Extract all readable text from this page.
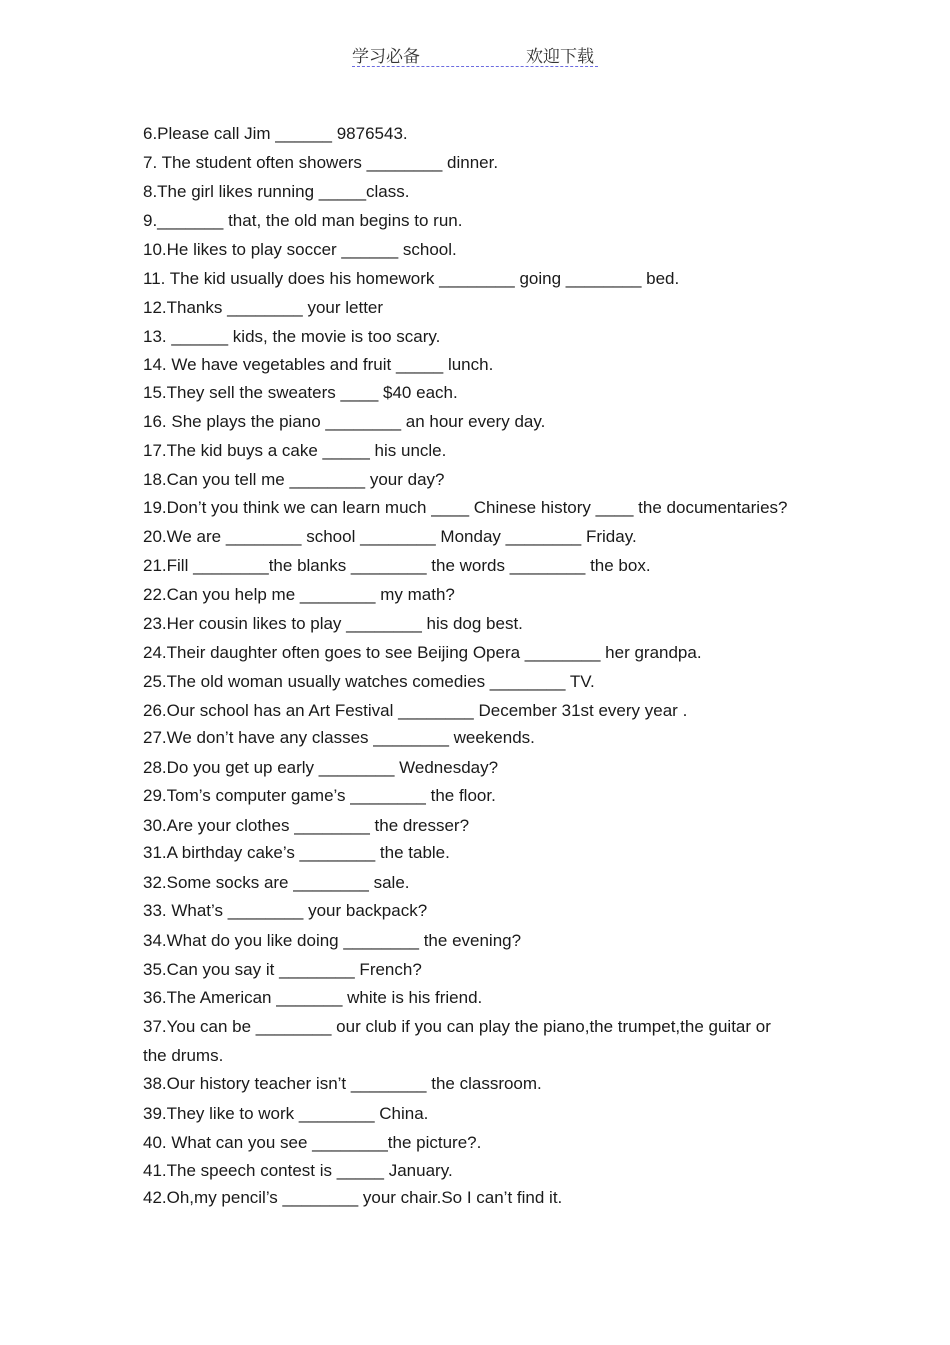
学习必备	欢迎下载
6.Please call Jim ______ 9876543.
7. The student often showers ________ dinner.
8.The girl likes running _____class.
9._______ that, the old man begins to run.
10.He likes to play soccer ______ school.
11. The kid usually does his homework ________ going ________ bed.
12.Thanks ________ your letter
13. ______ kids, the movie is too scary.
14. We have vegetables and fruit _____ lunch.
15.They sell the sweaters ____ $40 each.
16. She plays the piano ________ an hour every day.
17.The kid buys a cake _____ his uncle.
18.Can you tell me ________ your day?
19.Don’t you think we can learn much ____ Chinese history ____ the documentaries?
20.We are ________ school ________ Monday ________ Friday.
21.Fill ________the blanks ________ the words ________ the box.
22.Can you help me ________ my math?
23.Her cousin likes to play ________ his dog best.
24.Their daughter often goes to see Beijing Opera ________ her grandpa.
25.The old woman usually watches comedies ________ TV.
26.Our school has an Art Festival ________ December 31st every year .
27.We don’t have any classes ________ weekends.
28.Do you get up early ________ Wednesday?
29.Tom’s computer game’s ________ the floor.
30.Are your clothes ________ the dresser?
31.A birthday cake’s ________ the table.
32.Some socks are ________ sale.
33. What’s ________ your backpack?
34.What do you like doing ________ the evening?
35.Can you say it ________ French?
36.The American _______ white is his friend.
37.You can be ________ our club if you can play the piano,the trumpet,the guitar or
the drums.
38.Our history teacher isn’t ________ the classroom.
39.They like to work ________ China.
40. What can you see ________the picture?.
41.The speech contest is _____ January.
42.Oh,my pencil’s ________ your chair.So I can’t find it.
